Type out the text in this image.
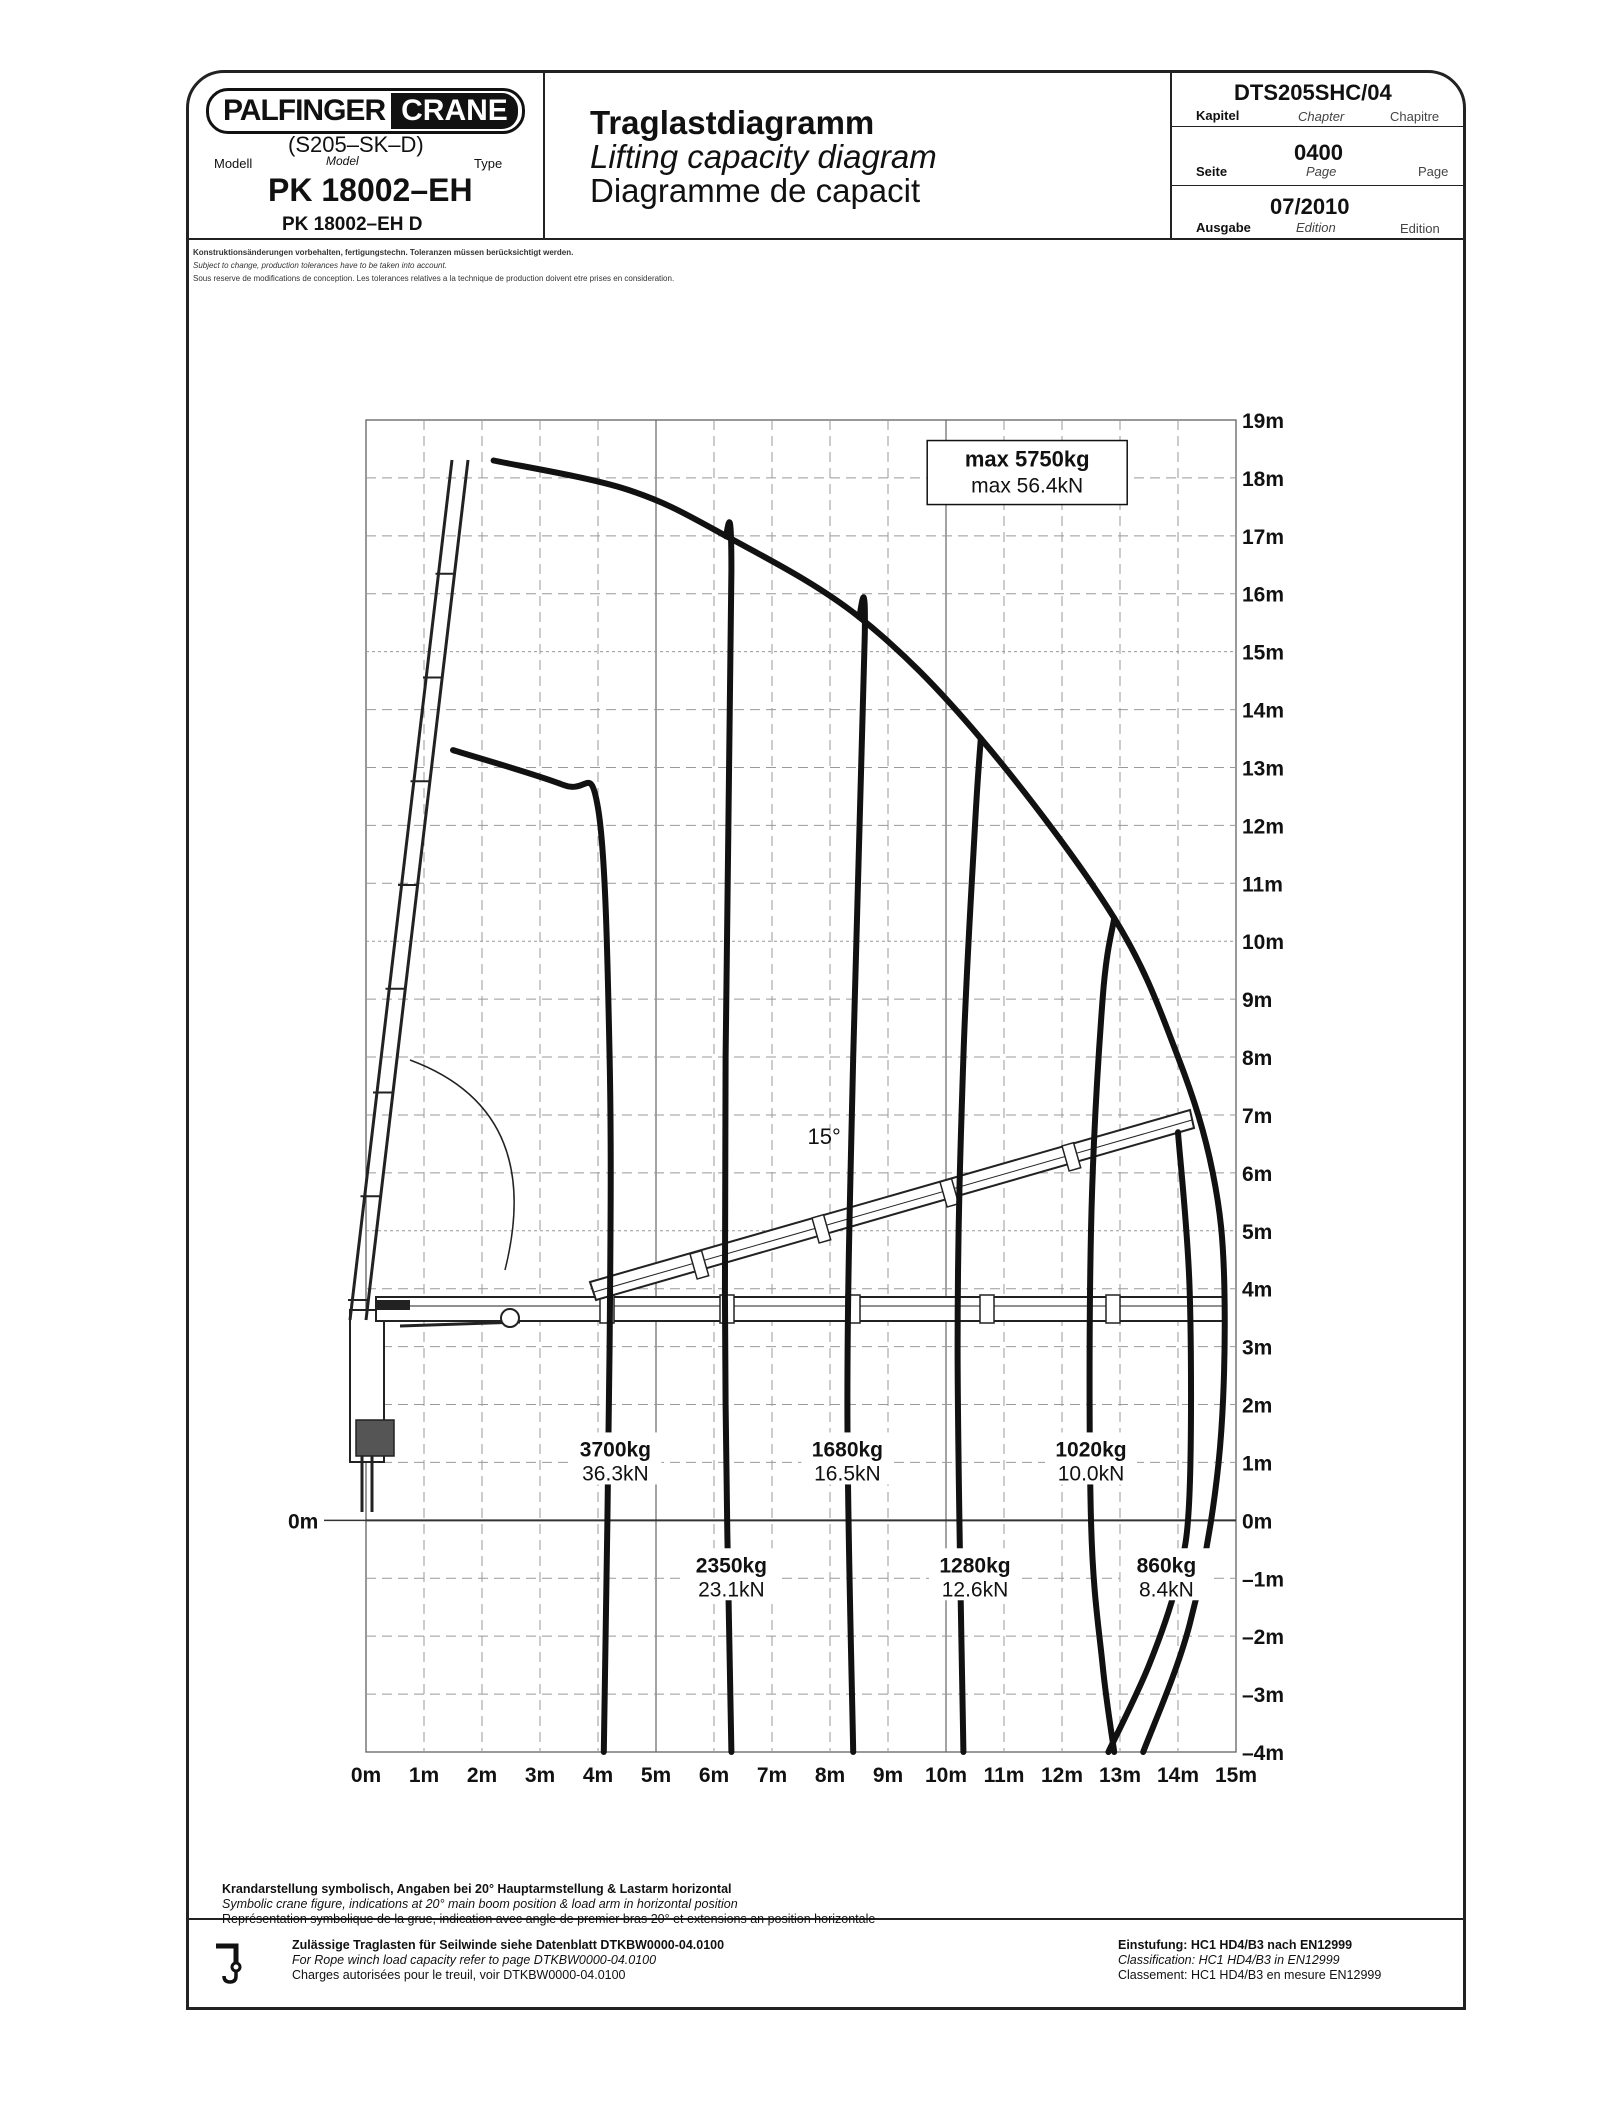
PALFINGER CRANE
(S205–SK–D)
Modell	Model	Type
PK 18002–EH
PK 18002–EH D
Traglastdiagramm
Lifting capacity diagram
Diagramme de capacit
DTS205SHC/04
Kapitel	Chapter	Chapitre
0400
Seite	Page	Page
07/2010
Ausgabe	Edition	Edition
Konstruktionsänderungen vorbehalten, fertigungstechn. Toleranzen müssen berücksichtigt werden.
Subject to change, production tolerances have to be taken into account.
Sous reserve de modifications de conception. Les tolerances relatives a la technique de production doivent etre prises en consideration.
0m 1m 2m 3m 4m 5m 6m 7m 8m 9m 10m 11m 12m 13m 14m 15m
19m
18m
17m
16m
15m
14m
13m
12m
11m
10m
9m
8m
7m
6m
5m
4m
3m
2m
1m
0m
–1m
–2m
–3m
–4m
0m
3700kg
36.3kN
2350kg
23.1kN
1680kg
16.5kN
1280kg
12.6kN
1020kg
10.0kN
860kg
8.4kN
max 5750kg
max 56.4kN
15°
Krandarstellung symbolisch, Angaben bei 20° Hauptarmstellung & Lastarm horizontal
Symbolic crane figure, indications at 20° main boom position & load arm in horizontal position
Représentation symbolique de la grue, indication avec angle de premier bras 20° et extensions an position horizontale
Zulässige Traglasten für Seilwinde siehe Datenblatt DTKBW0000-04.0100
For Rope winch load capacity refer to page DTKBW0000-04.0100
Charges autorisées pour le treuil, voir DTKBW0000-04.0100
Einstufung: HC1 HD4/B3 nach EN12999
Classification: HC1 HD4/B3 in EN12999
Classement: HC1 HD4/B3 en mesure EN12999
